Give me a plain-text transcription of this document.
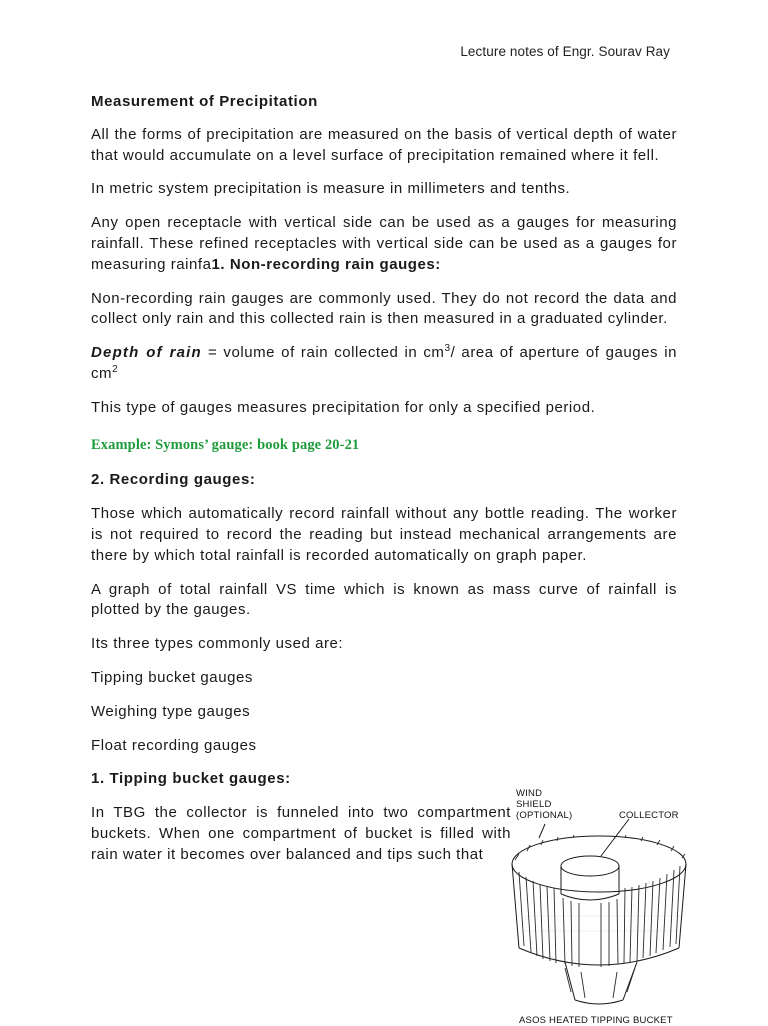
Lecture notes of Engr. Sourav Ray

Measurement of Precipitation

All the forms of precipitation are measured on the basis of vertical depth of water that would accumulate on a level surface of precipitation remained where it fell.

In metric system precipitation is measure in millimeters and tenths.

Any open receptacle with vertical side can be used as a gauges for measuring rainfall. These refined receptacles with vertical side can be used as a gauges for measuring rainfa1. Non-recording rain gauges:

Non-recording rain gauges are commonly used. They do not record the data and collect only rain and this collected rain is then measured in a graduated cylinder.

Depth of rain = volume of rain collected in $cm^3/$ area of aperture of gauges in $cm^2$

This type of gauges measures precipitation for only a specified period.

Example: Symons’ gauge: book page 20-21

2. Recording gauges:

Those which automatically record rainfall without any bottle reading. The worker is not required to record the reading but instead mechanical arrangements are there by which total rainfall is recorded automatically on graph paper.

A graph of total rainfall VS time which is known as mass curve of rainfall is plotted by the gauges.

Its three types commonly used are:

Tipping bucket gauges

Weighing type gauges

Float recording gauges

1. Tipping bucket gauges:

In TBG the collector is funneled into two compartment buckets. When one compartment of bucket is filled with rain water it becomes over balanced and tips such that

WIND
SHIELD
(OPTIONAL)	COLLECTOR
ASOS HEATED TIPPING BUCKET
